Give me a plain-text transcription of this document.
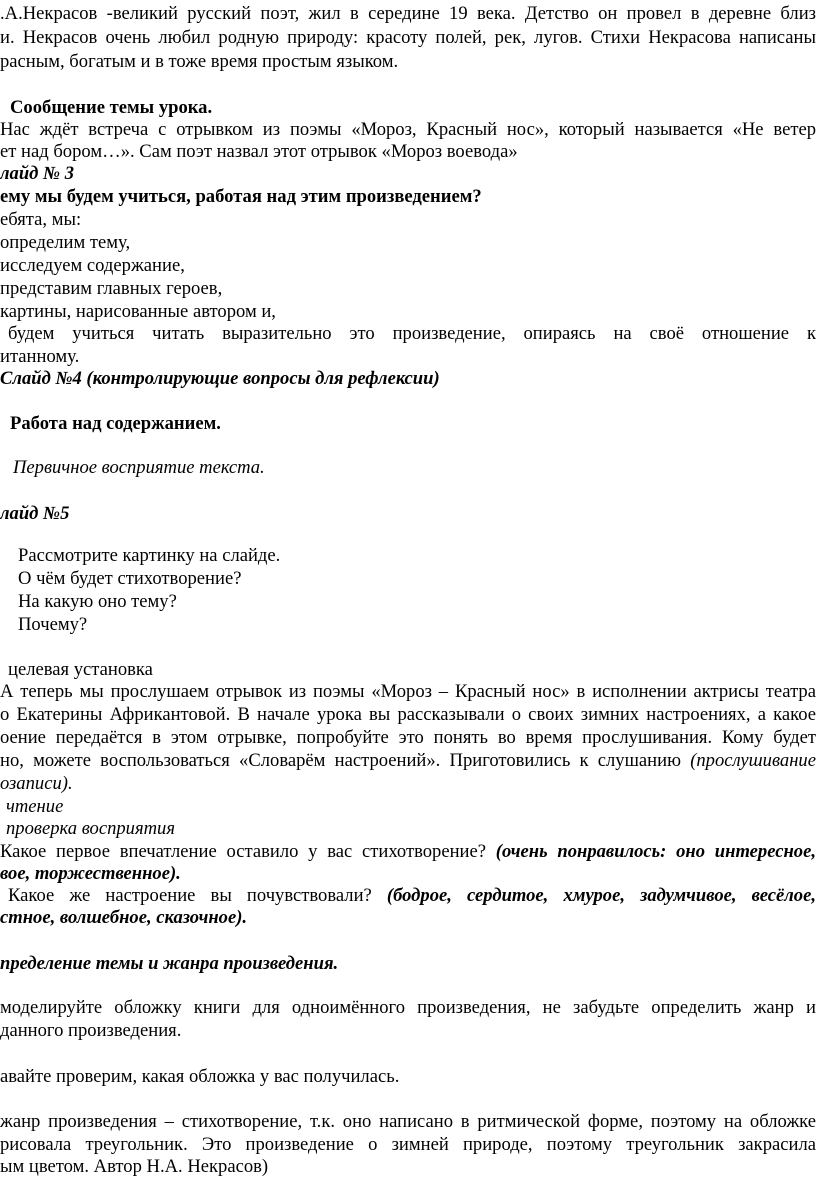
.А.Некрасов -великий русский поэт, жил в середине 19 века. Детство он провел в деревне близ
и. Некрасов очень любил родную природу: красоту полей, рек, лугов. Стихи Некрасова написаны
расным, богатым и в тоже время простым языком.
Сообщение темы урока.
Нас ждёт встреча с отрывком из поэмы «Мороз, Красный нос», который называется «Не ветер
ет над бором…». Сам поэт назвал этот отрывок «Мороз воевода»
лайд № 3
ему мы будем учиться, работая над этим произведением?
ебята, мы:
определим тему,
исследуем содержание,
представим главных героев,
картины, нарисованные автором и,
будем учиться читать выразительно это произведение, опираясь на своё отношение к
итанному.
Слайд №4 (контролирующие вопросы для рефлексии)
Работа над содержанием.
Первичное восприятие текста.
лайд №5
Рассмотрите картинку на слайде.
О чём будет стихотворение?
На какую оно тему?
Почему?
целевая установка
А теперь мы прослушаем отрывок из поэмы «Мороз – Красный нос» в исполнении актрисы театра
о Екатерины Африкантовой. В начале урока вы рассказывали о своих зимних настроениях, а какое
оение передаётся в этом отрывке, попробуйте это понять во время прослушивания. Кому будет
но, можете воспользоваться «Словарём настроений». Приготовились к слушанию (прослушивание
озаписи).
чтение
проверка восприятия
Какое первое впечатление оставило у вас стихотворение? (очень понравилось: оно интересное,
вое, торжественное).
Какое же настроение вы почувствовали? (бодрое, сердитое, хмурое, задумчивое, весёлое,
стное, волшебное, сказочное).
пределение темы и жанра произведения.
моделируйте обложку книги для одноимённого произведения, не забудьте определить жанр и
данного произведения.
авайте проверим, какая обложка у вас получилась.
жанр произведения – стихотворение, т.к. оно написано в ритмической форме, поэтому на обложке
рисовала треугольник. Это произведение о зимней природе, поэтому треугольник закрасила
ым цветом. Автор Н.А. Некрасов)
